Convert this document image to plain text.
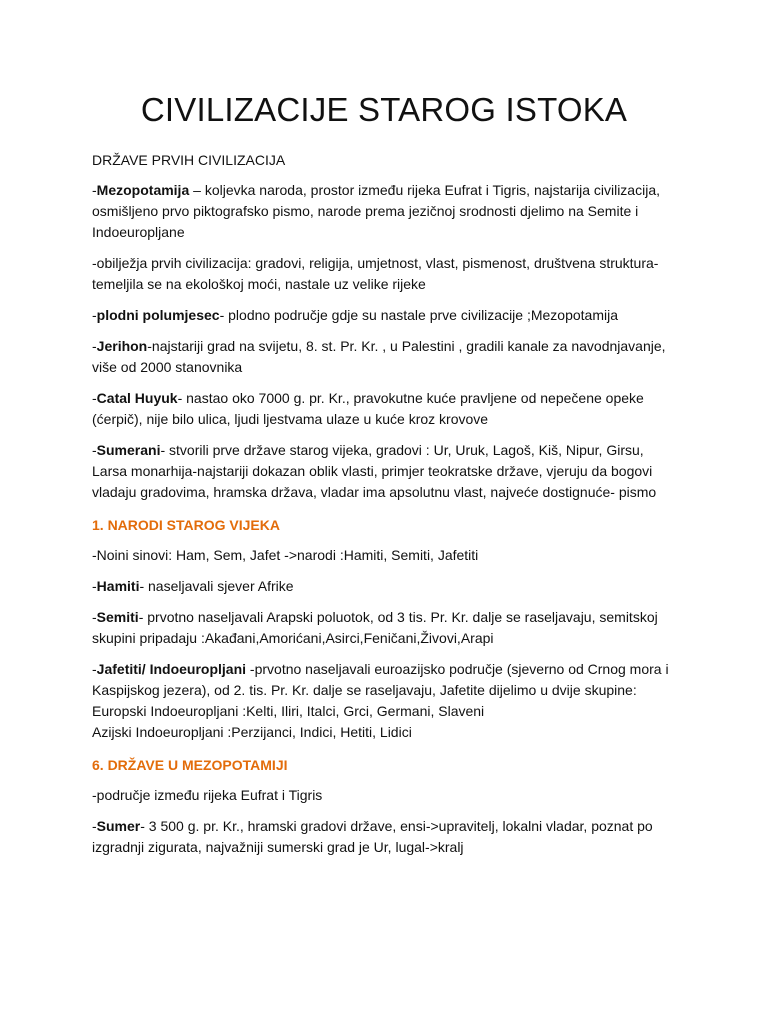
CIVILIZACIJE STAROG ISTOKA
DRŽAVE PRVIH CIVILIZACIJA

-Mezopotamija – koljevka naroda, prostor između rijeka Eufrat i Tigris, najstarija civilizacija, osmišljeno prvo piktografsko pismo, narode prema jezičnoj srodnosti djelimo na Semite i Indoeuropljane

-obilježja prvih civilizacija: gradovi, religija, umjetnost, vlast, pismenost, društvena struktura-temeljila se na ekološkoj moći, nastale uz velike rijeke

-plodni polumjesec- plodno područje gdje su nastale prve civilizacije ;Mezopotamija

-Jerihon-najstariji grad na svijetu, 8. st. Pr. Kr. , u Palestini , gradili kanale za navodnjavanje, više od 2000 stanovnika

-Catal Huyuk- nastao oko 7000 g. pr. Kr., pravokutne kuće pravljene od nepečene opeke (ćerpič), nije bilo ulica, ljudi ljestvama ulaze u kuće kroz krovove

-Sumerani- stvorili prve države starog vijeka, gradovi : Ur, Uruk, Lagoš, Kiš, Nipur, Girsu, Larsa monarhija-najstariji dokazan oblik vlasti, primjer teokratske države, vjeruju da bogovi vladaju gradovima, hramska država, vladar ima apsolutnu vlast, najveće dostignuće- pismo

1. NARODI STAROG VIJEKA

-Noini sinovi: Ham, Sem, Jafet ->narodi :Hamiti, Semiti, Jafetiti

-Hamiti- naseljavali sjever Afrike

-Semiti- prvotno naseljavali Arapski poluotok, od 3 tis. Pr. Kr. dalje se raseljavaju, semitskoj skupini pripadaju :Akađani,Amorićani,Asirci,Feničani,Živovi,Arapi

-Jafetiti/ Indoeuropljani -prvotno naseljavali euroazijsko područje (sjeverno od Crnog mora i Kaspijskog jezera), od 2. tis. Pr. Kr. dalje se raseljavaju, Jafetite dijelimo u dvije skupine:
Europski Indoeuropljani :Kelti, Iliri, Italci, Grci, Germani, Slaveni
Azijski Indoeuropljani :Perzijanci, Indici, Hetiti, Lidici

6. DRŽAVE U MEZOPOTAMIJI

-područje između rijeka Eufrat i Tigris

-Sumer- 3 500 g. pr. Kr., hramski gradovi države, ensi->upravitelj, lokalni vladar, poznat po izgradnji zigurata, najvažniji sumerski grad je Ur, lugal->kralj
